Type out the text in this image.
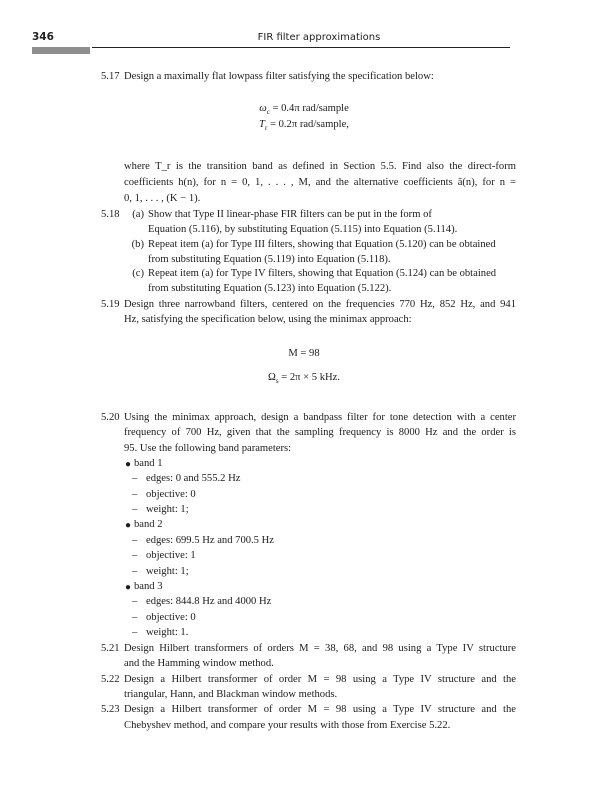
346	FIR filter approximations
5.17 Design a maximally flat lowpass filter satisfying the specification below:
$\omega_c = 0.4\pi$ rad/sample
$T_r = 0.2\pi$ rad/sample,
where T_r is the transition band as defined in Section 5.5. Find also the direct-form
coefficients h(n), for n = 0, 1, . . . , M, and the alternative coefficients ã(n), for n =
0, 1, . . . , (K − 1).
5.18	(a) Show that Type II linear-phase FIR filters can be put in the form of
Equation (5.116), by substituting Equation (5.115) into Equation (5.114).
(b) Repeat item (a) for Type III filters, showing that Equation (5.120) can be obtained
from substituting Equation (5.119) into Equation (5.118).
(c) Repeat item (a) for Type IV filters, showing that Equation (5.124) can be obtained
from substituting Equation (5.123) into Equation (5.122).
5.19 Design three narrowband filters, centered on the frequencies 770 Hz, 852 Hz, and 941
Hz, satisfying the specification below, using the minimax approach:
M = 98
$\Omega_s = 2\pi \times 5$ kHz.
5.20 Using the minimax approach, design a bandpass filter for tone detection with a center
frequency of 700 Hz, given that the sampling frequency is 8000 Hz and the order is
95. Use the following band parameters:
● band 1
– edges: 0 and 555.2 Hz
– objective: 0
– weight: 1;
● band 2
– edges: 699.5 Hz and 700.5 Hz
– objective: 1
– weight: 1;
● band 3
– edges: 844.8 Hz and 4000 Hz
– objective: 0
– weight: 1.
5.21 Design Hilbert transformers of orders M = 38, 68, and 98 using a Type IV structure
and the Hamming window method.
5.22 Design a Hilbert transformer of order M = 98 using a Type IV structure and the
triangular, Hann, and Blackman window methods.
5.23 Design a Hilbert transformer of order M = 98 using a Type IV structure and the
Chebyshev method, and compare your results with those from Exercise 5.22.
